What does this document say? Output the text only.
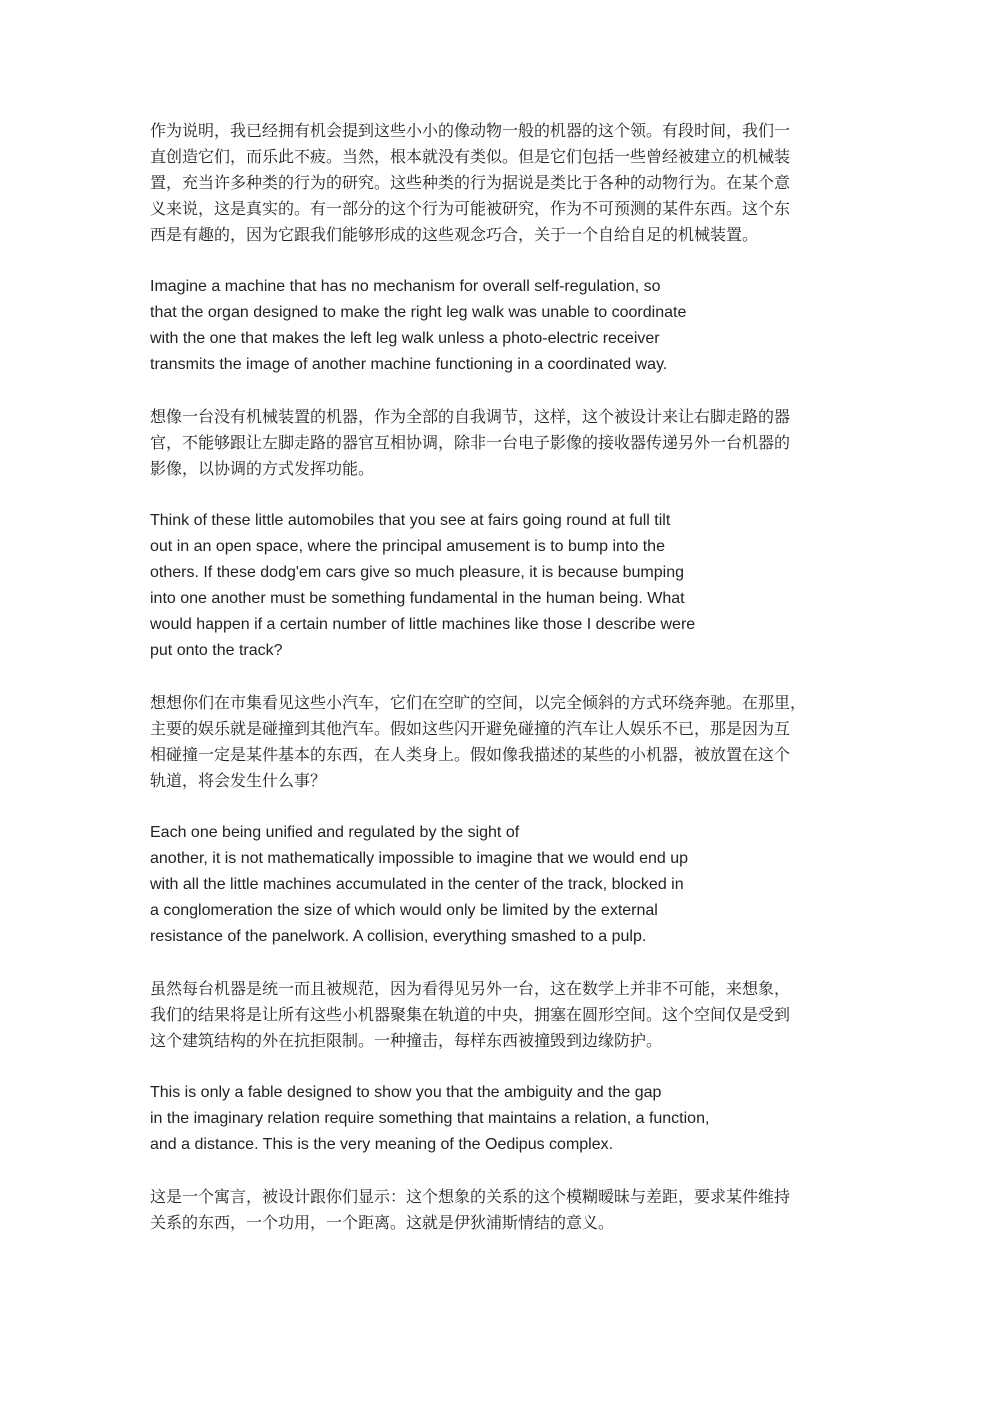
作为说明，我已经拥有机会提到这些小小的像动物一般的机器的这个领。有段时间，我们一
直创造它们，而乐此不疲。当然，根本就没有类似。但是它们包括一些曾经被建立的机械装
置，充当许多种类的行为的研究。这些种类的行为据说是类比于各种的动物行为。在某个意
义来说，这是真实的。有一部分的这个行为可能被研究，作为不可预测的某件东西。这个东
西是有趣的，因为它跟我们能够形成的这些观念巧合，关于一个自给自足的机械装置。

Imagine a machine that has no mechanism for overall self-regulation, so
that the organ designed to make the right leg walk was unable to coordinate
with the one that makes the left leg walk unless a photo-electric receiver
transmits the image of another machine functioning in a coordinated way.

想像一台没有机械装置的机器，作为全部的自我调节，这样，这个被设计来让右脚走路的器
官，不能够跟让左脚走路的器官互相协调，除非一台电子影像的接收器传递另外一台机器的
影像，以协调的方式发挥功能。

Think of these little automobiles that you see at fairs going round at full tilt
out in an open space, where the principal amusement is to bump into the
others. If these dodg'em cars give so much pleasure, it is because bumping
into one another must be something fundamental in the human being. What
would happen if a certain number of little machines like those I describe were
put onto the track?

想想你们在市集看见这些小汽车，它们在空旷的空间，以完全倾斜的方式环绕奔驰。在那里，
主要的娱乐就是碰撞到其他汽车。假如这些闪开避免碰撞的汽车让人娱乐不已，那是因为互
相碰撞一定是某件基本的东西，在人类身上。假如像我描述的某些的小机器，被放置在这个
轨道，将会发生什么事？

Each one being unified and regulated by the sight of
another, it is not mathematically impossible to imagine that we would end up
with all the little machines accumulated in the center of the track, blocked in
a conglomeration the size of which would only be limited by the external
resistance of the panelwork. A collision, everything smashed to a pulp.

虽然每台机器是统一而且被规范，因为看得见另外一台，这在数学上并非不可能，来想象，
我们的结果将是让所有这些小机器聚集在轨道的中央，拥塞在圆形空间。这个空间仅是受到
这个建筑结构的外在抗拒限制。一种撞击，每样东西被撞毁到边缘防护。

This is only a fable designed to show you that the ambiguity and the gap
in the imaginary relation require something that maintains a relation, a function,
and a distance. This is the very meaning of the Oedipus complex.

这是一个寓言，被设计跟你们显示：这个想象的关系的这个模糊暧昧与差距，要求某件维持
关系的东西，一个功用，一个距离。这就是伊狄浦斯情结的意义。
